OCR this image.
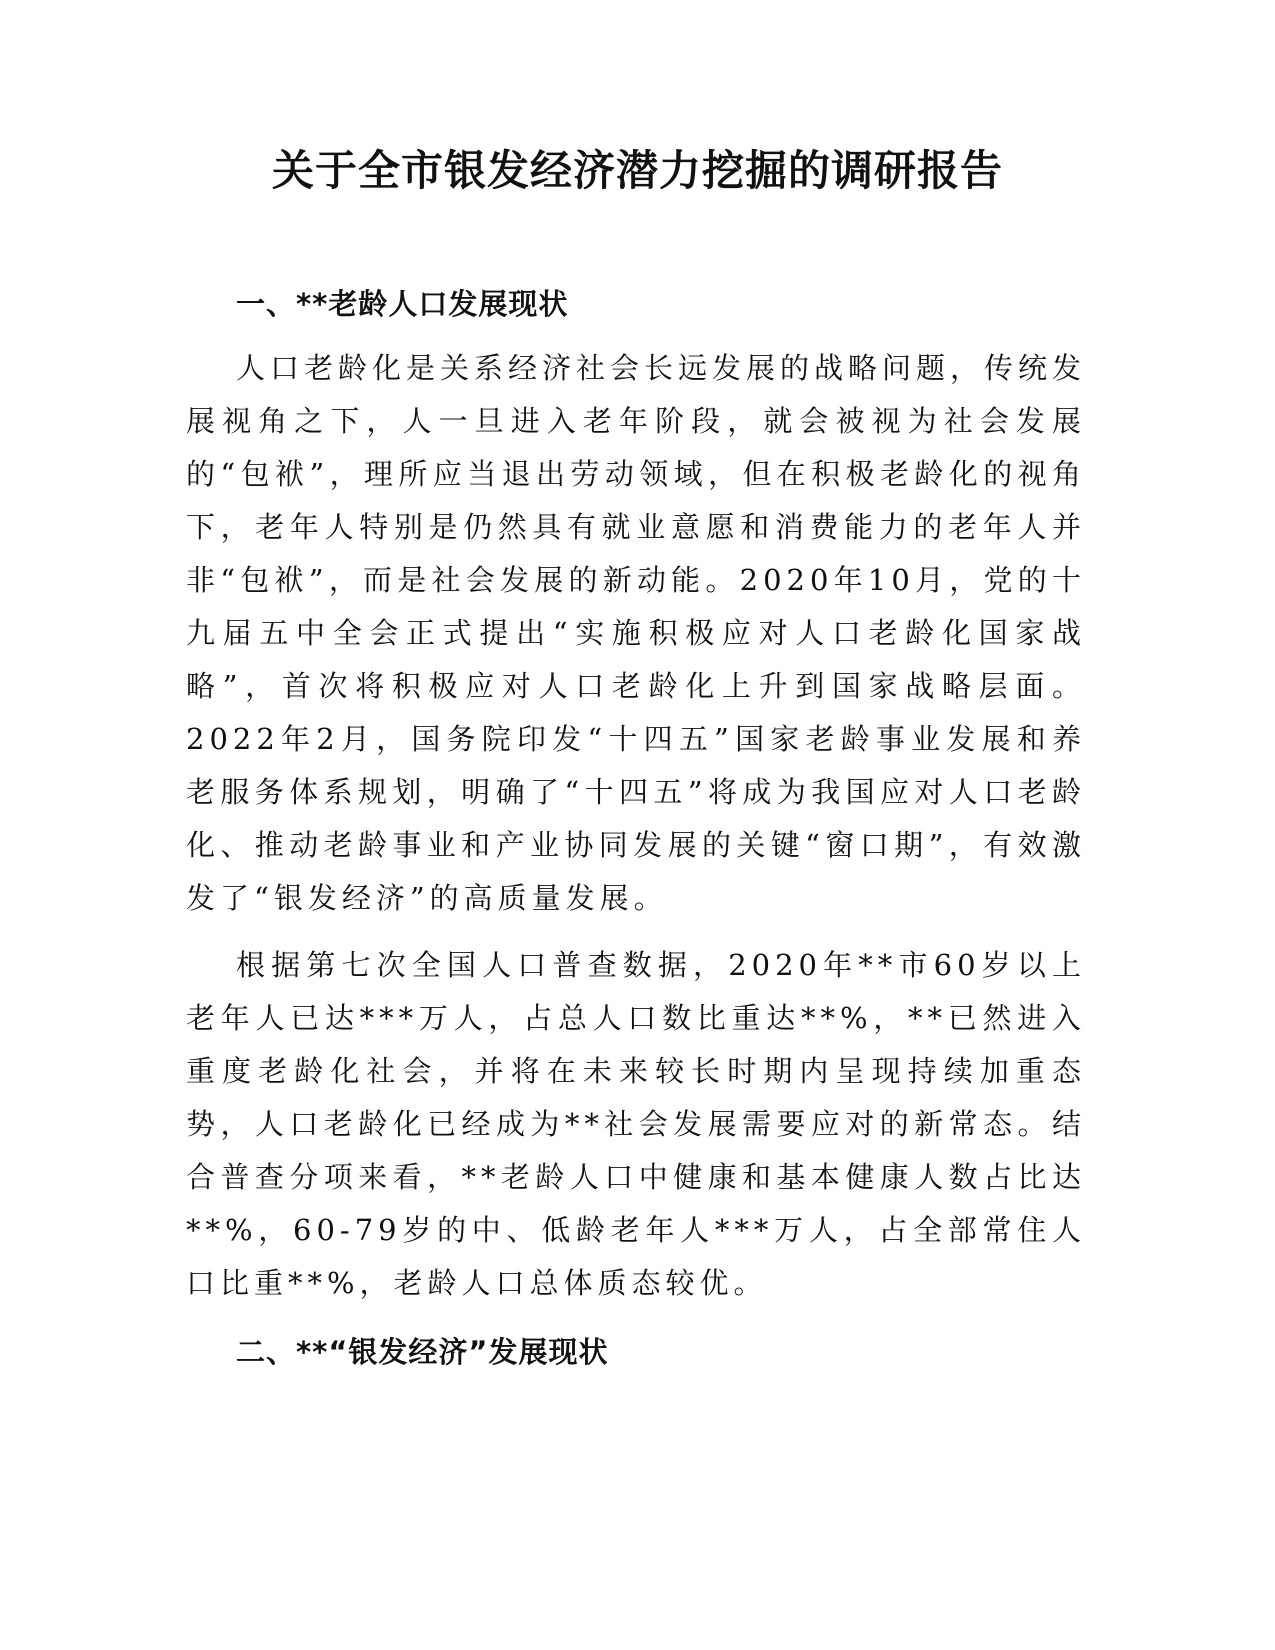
关于全市银发经济潜力挖掘的调研报告
一、**老龄人口发展现状

人口老龄化是关系经济社会长远发展的战略问题，传统发展视角之下，人一旦进入老年阶段，就会被视为社会发展的“包袱”，理所应当退出劳动领域，但在积极老龄化的视角下，老年人特别是仍然具有就业意愿和消费能力的老年人并非“包袱”，而是社会发展的新动能。2020年10月，党的十九届五中全会正式提出“实施积极应对人口老龄化国家战略”，首次将积极应对人口老龄化上升到国家战略层面。2022年2月，国务院印发“十四五”国家老龄事业发展和养老服务体系规划，明确了“十四五”将成为我国应对人口老龄化、推动老龄事业和产业协同发展的关键“窗口期”，有效激发了“银发经济”的高质量发展。

根据第七次全国人口普查数据，2020年**市60岁以上老年人已达***万人，占总人口数比重达**%，**已然进入重度老龄化社会，并将在未来较长时期内呈现持续加重态势，人口老龄化已经成为**社会发展需要应对的新常态。结合普查分项来看，**老龄人口中健康和基本健康人数占比达**%，60-79岁的中、低龄老年人***万人，占全部常住人口比重**%，老龄人口总体质态较优。

二、**“银发经济”发展现状
